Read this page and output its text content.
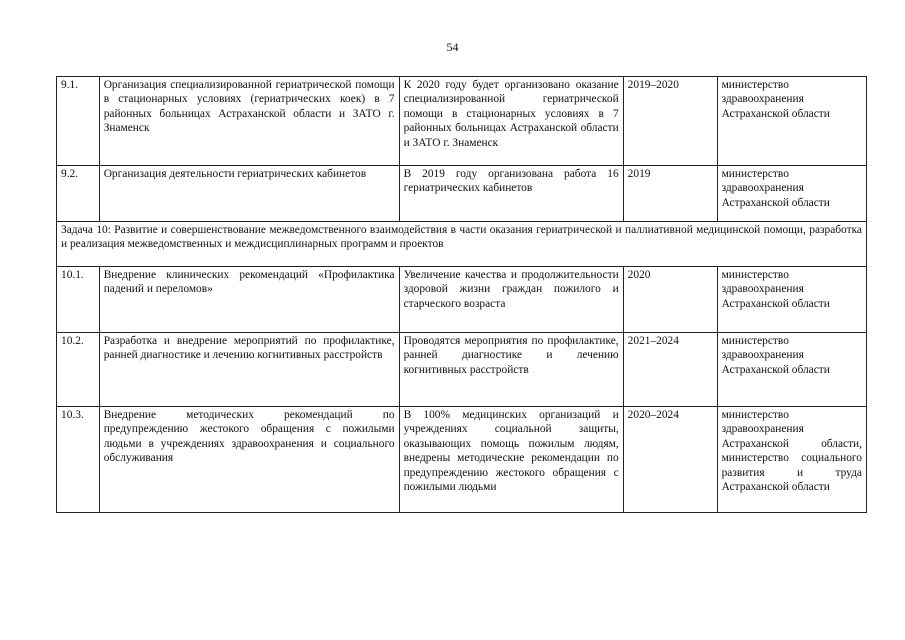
54
9.1.	Организация специализированной гериатрической помощи в стационарных условиях (гериатрических коек) в 7 районных больницах Астраханской области и ЗАТО г. Знаменск	К 2020 году будет организовано оказание специализированной гериатрической помощи в стационарных условиях в 7 районных больницах Астраханской области и ЗАТО г. Знаменск	2019–2020	министерство здравоохранения Астраханской области
9.2.	Организация деятельности гериатрических кабинетов	В 2019 году организована работа 16 гериатрических кабинетов	2019	министерство здравоохранения Астраханской области
Задача 10: Развитие и совершенствование межведомственного взаимодействия в части оказания гериатрической и паллиативной медицинской помощи, разработка и реализация межведомственных и междисциплинарных программ и проектов				
10.1.	Внедрение клинических рекомендаций «Профилактика падений и переломов»	Увеличение качества и продолжительности здоровой жизни граждан пожилого и старческого возраста	2020	министерство здравоохранения Астраханской области
10.2.	Разработка и внедрение мероприятий по профилактике, ранней диагностике и лечению когнитивных расстройств	Проводятся мероприятия по профилактике, ранней диагностике и лечению когнитивных расстройств	2021–2024	министерство здравоохранения Астраханской области
10.3.	Внедрение методических рекомендаций по предупреждению жестокого обращения с пожилыми людьми в учреждениях здравоохранения и социального обслуживания	В 100% медицинских организаций и учреждениях социальной защиты, оказывающих помощь пожилым людям, внедрены методические рекомендации по предупреждению жестокого обращения с пожилыми людьми	2020–2024	министерство здравоохранения Астраханской области, министерство социального развития и труда Астраханской области
